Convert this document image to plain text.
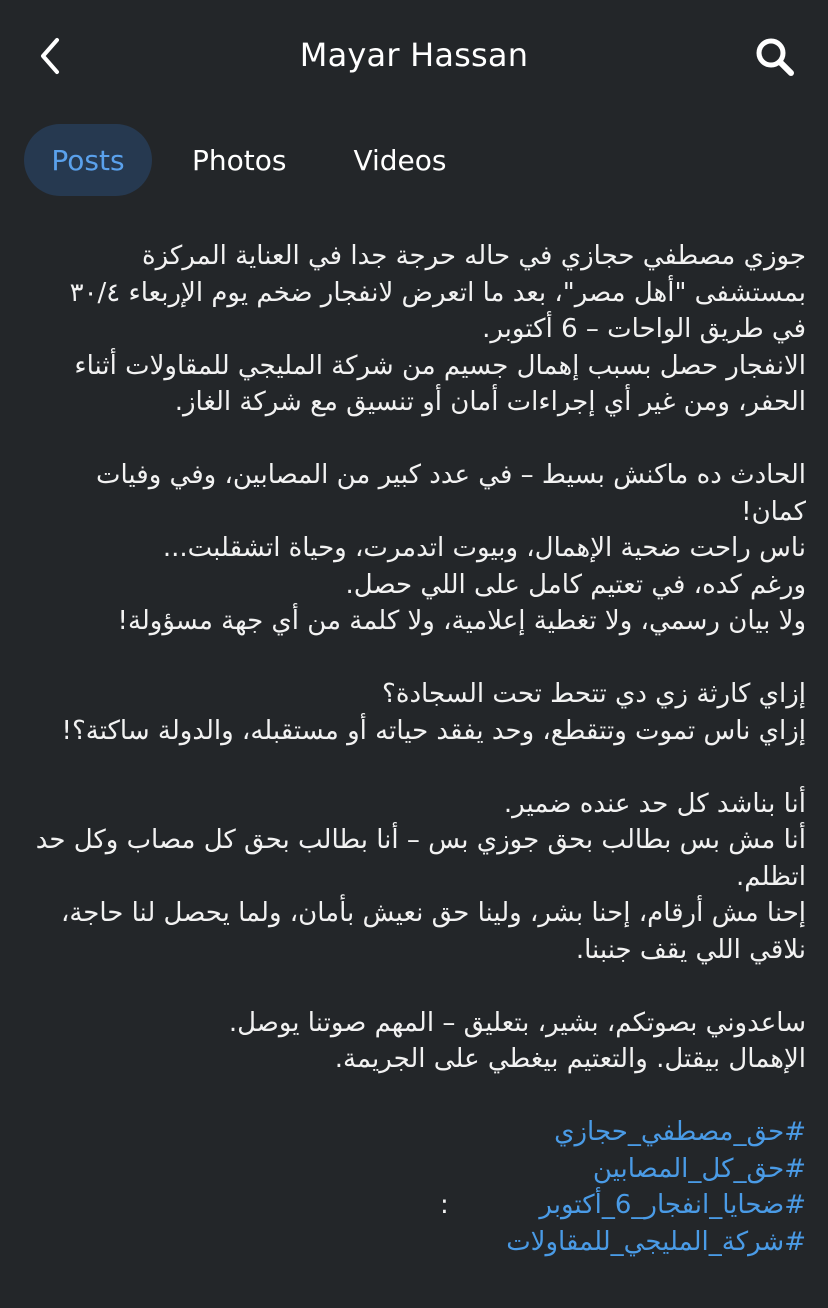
Mayar Hassan
Posts	Photos Videos

جوزي مصطفي حجازي في حاله حرجة جدا في العناية المركزة بمستشفى "أهل مصر"، بعد ما اتعرض لانفجار ضخم يوم الإربعاء ٣٠/٤ في طريق الواحات – 6 أكتوبر.

الانفجار حصل بسبب إهمال جسيم من شركة المليجي للمقاولات أثناء الحفر، ومن غير أي إجراءات أمان أو تنسيق مع شركة الغاز.

الحادث ده ماكنش بسيط – في عدد كبير من المصابين، وفي وفيات كمان!

ناس راحت ضحية الإهمال، وبيوت اتدمرت، وحياة اتشقلبت...

ورغم كده، في تعتيم كامل على اللي حصل.

ولا بيان رسمي، ولا تغطية إعلامية، ولا كلمة من أي جهة مسؤولة!

إزاي كارثة زي دي تتحط تحت السجادة؟

إزاي ناس تموت وتتقطع، وحد يفقد حياته أو مستقبله، والدولة ساكتة؟!

أنا بناشد كل حد عنده ضمير.

أنا مش بس بطالب بحق جوزي بس – أنا بطالب بحق كل مصاب وكل حد اتظلم.

إحنا مش أرقام، إحنا بشر، ولينا حق نعيش بأمان، ولما يحصل لنا حاجة، نلاقي اللي يقف جنبنا.

ساعدوني بصوتكم، بشير، بتعليق – المهم صوتنا يوصل.

الإهمال بيقتل. والتعتيم بيغطي على الجريمة.

#حق_مصطفي_حجازي
#حق_كل_المصابين
#ضحايا_انفجار_6_أكتوبر
:
#شركة_المليجي_للمقاولات
